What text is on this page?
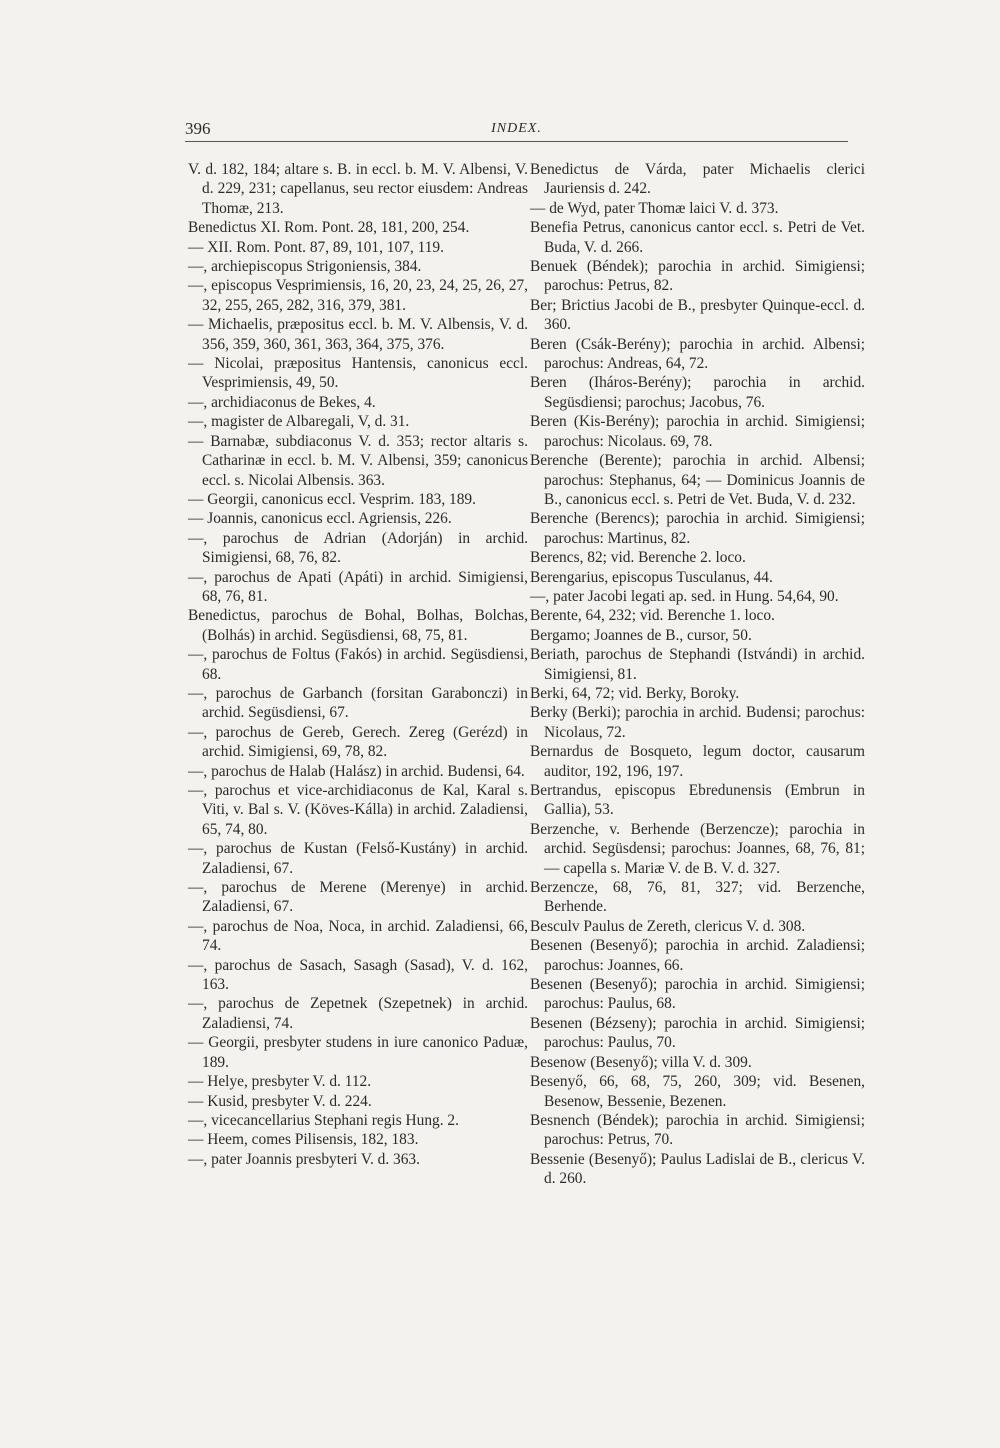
396	INDEX.

V. d. 182, 184; altare s. B. in eccl. b. M. V. Albensi, V. d. 229, 231; capellanus, seu rector eiusdem: Andreas Thomæ, 213.

Benedictus XI. Rom. Pont. 28, 181, 200, 254.

— XII. Rom. Pont. 87, 89, 101, 107, 119.

—, archiepiscopus Strigoniensis, 384.

—, episcopus Vesprimiensis, 16, 20, 23, 24, 25, 26, 27, 32, 255, 265, 282, 316, 379, 381.

— Michaelis, præpositus eccl. b. M. V. Albensis, V. d. 356, 359, 360, 361, 363, 364, 375, 376.

— Nicolai, præpositus Hantensis, canonicus eccl. Vesprimiensis, 49, 50.

—, archidiaconus de Bekes, 4.

—, magister de Albaregali, V, d. 31.

— Barnabæ, subdiaconus V. d. 353; rector altaris s. Catharinæ in eccl. b. M. V. Albensi, 359; canonicus eccl. s. Nicolai Albensis. 363.

— Georgii, canonicus eccl. Vesprim. 183, 189.

— Joannis, canonicus eccl. Agriensis, 226.

—, parochus de Adrian (Adorján) in archid. Simigiensi, 68, 76, 82.

—, parochus de Apati (Apáti) in archid. Simigiensi, 68, 76, 81.

Benedictus, parochus de Bohal, Bolhas, Bolchas, (Bolhás) in archid. Següsdiensi, 68, 75, 81.

—, parochus de Foltus (Fakós) in archid. Següsdiensi, 68.

—, parochus de Garbanch (forsitan Garabonczi) in archid. Següsdiensi, 67.

—, parochus de Gereb, Gerech. Zereg (Gerézd) in archid. Simigiensi, 69, 78, 82.

—, parochus de Halab (Halász) in archid. Budensi, 64.

—, parochus et vice-archidiaconus de Kal, Karal s. Viti, v. Bal s. V. (Köves-Kálla) in archid. Zaladiensi, 65, 74, 80.

—, parochus de Kustan (Felső-Kustány) in archid. Zaladiensi, 67.

—, parochus de Merene (Merenye) in archid. Zaladiensi, 67.

—, parochus de Noa, Noca, in archid. Zaladiensi, 66, 74.

—, parochus de Sasach, Sasagh (Sasad), V. d. 162, 163.

—, parochus de Zepetnek (Szepetnek) in archid. Zaladiensi, 74.

— Georgii, presbyter studens in iure canonico Paduæ, 189.

— Helye, presbyter V. d. 112.

— Kusid, presbyter V. d. 224.

—, vicecancellarius Stephani regis Hung. 2.

— Heem, comes Pilisensis, 182, 183.

—, pater Joannis presbyteri V. d. 363.

Benedictus de Várda, pater Michaelis clerici Jauriensis d. 242.

— de Wyd, pater Thomæ laici V. d. 373.

Benefia Petrus, canonicus cantor eccl. s. Petri de Vet. Buda, V. d. 266.

Benuek (Béndek); parochia in archid. Simigiensi; parochus: Petrus, 82.

Ber; Brictius Jacobi de B., presbyter Quinque-eccl. d. 360.

Beren (Csák-Berény); parochia in archid. Albensi; parochus: Andreas, 64, 72.

Beren (Iháros-Berény); parochia in archid. Següsdiensi; parochus; Jacobus, 76.

Beren (Kis-Berény); parochia in archid. Simigiensi; parochus: Nicolaus. 69, 78.

Berenche (Berente); parochia in archid. Albensi; parochus: Stephanus, 64; — Dominicus Joannis de B., canonicus eccl. s. Petri de Vet. Buda, V. d. 232.

Berenche (Berencs); parochia in archid. Simigiensi; parochus: Martinus, 82.

Berencs, 82; vid. Berenche 2. loco.

Berengarius, episcopus Tusculanus, 44.

—, pater Jacobi legati ap. sed. in Hung. 54,64, 90.

Berente, 64, 232; vid. Berenche 1. loco.

Bergamo; Joannes de B., cursor, 50.

Beriath, parochus de Stephandi (Istvándi) in archid. Simigiensi, 81.

Berki, 64, 72; vid. Berky, Boroky.

Berky (Berki); parochia in archid. Budensi; parochus: Nicolaus, 72.

Bernardus de Bosqueto, legum doctor, causarum auditor, 192, 196, 197.

Bertrandus, episcopus Ebredunensis (Embrun in Gallia), 53.

Berzenche, v. Berhende (Berzencze); parochia in archid. Següsdensi; parochus: Joannes, 68, 76, 81; — capella s. Mariæ V. de B. V. d. 327.

Berzencze, 68, 76, 81, 327; vid. Berzenche, Berhende.

Besculv Paulus de Zereth, clericus V. d. 308.

Besenen (Besenyő); parochia in archid. Zaladiensi; parochus: Joannes, 66.

Besenen (Besenyő); parochia in archid. Simigiensi; parochus: Paulus, 68.

Besenen (Bézseny); parochia in archid. Simigiensi; parochus: Paulus, 70.

Besenow (Besenyő); villa V. d. 309.

Besenyő, 66, 68, 75, 260, 309; vid. Besenen, Besenow, Bessenie, Bezenen.

Besnench (Béndek); parochia in archid. Simigiensi; parochus: Petrus, 70.

Bessenie (Besenyő); Paulus Ladislai de B., clericus V. d. 260.
